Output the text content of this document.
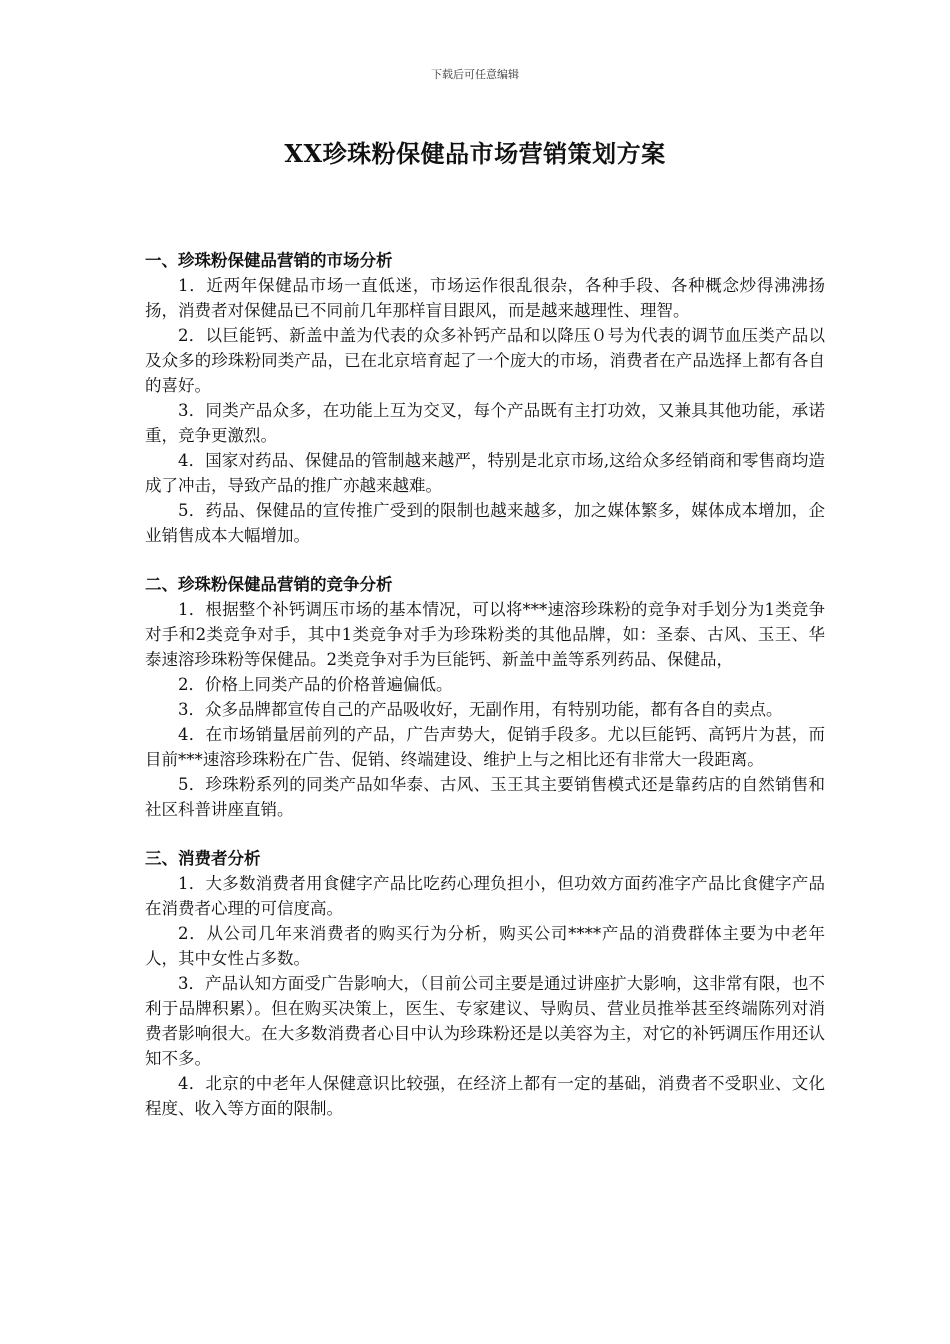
下载后可任意编辑
XX珍珠粉保健品市场营销策划方案

一、珍珠粉保健品营销的市场分析

1．近两年保健品市场一直低迷，市场运作很乱很杂，各种手段、各种概念炒得沸沸扬扬，消费者对保健品已不同前几年那样盲目跟风，而是越来越理性、理智。

2．以巨能钙、新盖中盖为代表的众多补钙产品和以降压０号为代表的调节血压类产品以及众多的珍珠粉同类产品，已在北京培育起了一个庞大的市场，消费者在产品选择上都有各自的喜好。

3．同类产品众多，在功能上互为交叉，每个产品既有主打功效，又兼具其他功能，承诺重，竞争更激烈。

4．国家对药品、保健品的管制越来越严，特别是北京市场,这给众多经销商和零售商均造成了冲击，导致产品的推广亦越来越难。

5．药品、保健品的宣传推广受到的限制也越来越多，加之媒体繁多，媒体成本增加，企业销售成本大幅增加。

二、珍珠粉保健品营销的竞争分析

1．根据整个补钙调压市场的基本情况，可以将***速溶珍珠粉的竞争对手划分为1类竞争对手和2类竞争对手，其中1类竞争对手为珍珠粉类的其他品牌，如：圣泰、古风、玉王、华泰速溶珍珠粉等保健品。2类竞争对手为巨能钙、新盖中盖等系列药品、保健品，

2．价格上同类产品的价格普遍偏低。

3．众多品牌都宣传自己的产品吸收好，无副作用，有特别功能，都有各自的卖点。

4．在市场销量居前列的产品，广告声势大，促销手段多。尤以巨能钙、高钙片为甚，而目前***速溶珍珠粉在广告、促销、终端建设、维护上与之相比还有非常大一段距离。

5．珍珠粉系列的同类产品如华泰、古风、玉王其主要销售模式还是靠药店的自然销售和社区科普讲座直销。

三、消费者分析

1．大多数消费者用食健字产品比吃药心理负担小，但功效方面药准字产品比食健字产品在消费者心理的可信度高。

2．从公司几年来消费者的购买行为分析，购买公司****产品的消费群体主要为中老年人，其中女性占多数。

3．产品认知方面受广告影响大，（目前公司主要是通过讲座扩大影响，这非常有限，也不利于品牌积累）。但在购买决策上，医生、专家建议、导购员、营业员推举甚至终端陈列对消费者影响很大。在大多数消费者心目中认为珍珠粉还是以美容为主，对它的补钙调压作用还认知不多。

4．北京的中老年人保健意识比较强，在经济上都有一定的基础，消费者不受职业、文化程度、收入等方面的限制。
